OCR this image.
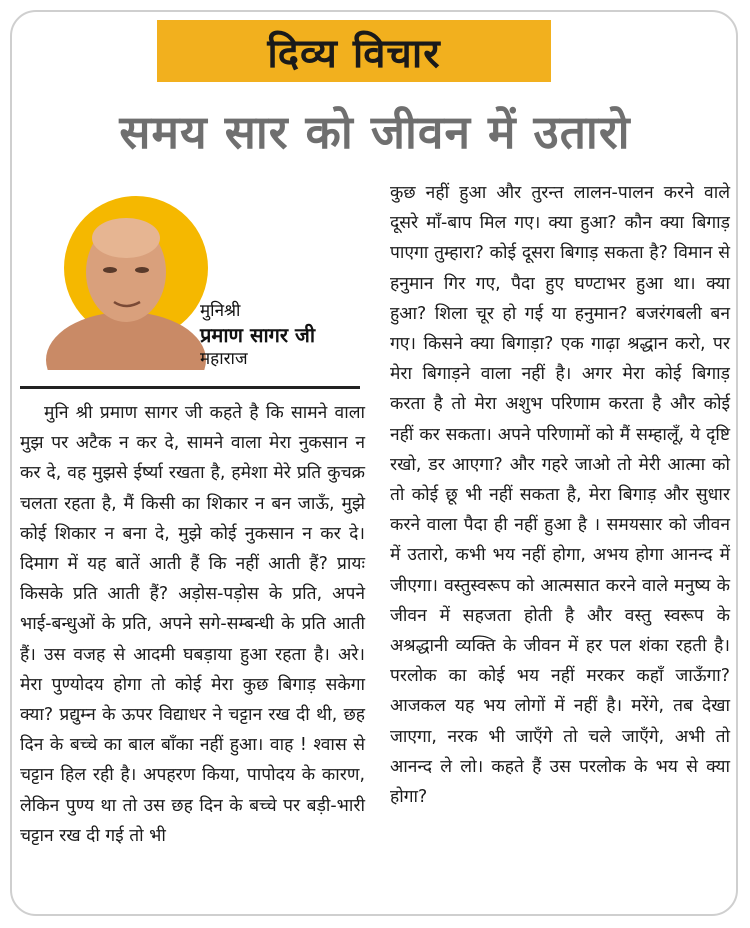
दिव्य विचार
समय सार को जीवन में उतारो
मुनिश्री
प्रमाण सागर जी
महाराज
मुनि श्री प्रमाण सागर जी कहते है कि सामने वाला मुझ पर अटैक न कर दे, सामने वाला मेरा नुकसान न कर दे, वह मुझसे ईर्ष्या रखता है, हमेशा मेरे प्रति कुचक्र चलता रहता है, मैं किसी का शिकार न बन जाऊँ, मुझे कोई शिकार न बना दे, मुझे कोई नुकसान न कर दे। दिमाग में यह बातें आती हैं कि नहीं आती हैं? प्रायः किसके प्रति आती हैं? अड़ोस-पड़ोस के प्रति, अपने भाई-बन्धुओं के प्रति, अपने सगे-सम्बन्धी के प्रति आती हैं। उस वजह से आदमी घबड़ाया हुआ रहता है। अरे। मेरा पुण्योदय होगा तो कोई मेरा कुछ बिगाड़ सकेगा क्या? प्रद्युम्न के ऊपर विद्याधर ने चट्टान रख दी थी, छह दिन के बच्चे का बाल बाँका नहीं हुआ। वाह ! श्वास से चट्टान हिल रही है। अपहरण किया, पापोदय के कारण, लेकिन पुण्य था तो उस छह दिन के बच्चे पर बड़ी-भारी चट्टान रख दी गई तो भी
कुछ नहीं हुआ और तुरन्त लालन-पालन करने वाले दूसरे माँ-बाप मिल गए। क्या हुआ? कौन क्या बिगाड़ पाएगा तुम्हारा? कोई दूसरा बिगाड़ सकता है? विमान से हनुमान गिर गए, पैदा हुए घण्टाभर हुआ था। क्या हुआ? शिला चूर हो गई या हनुमान? बजरंगबली बन गए। किसने क्या बिगाड़ा? एक गाढ़ा श्रद्धान करो, पर मेरा बिगाड़ने वाला नहीं है। अगर मेरा कोई बिगाड़ करता है तो मेरा अशुभ परिणाम करता है और कोई नहीं कर सकता। अपने परिणामों को मैं सम्हालूँ, ये दृष्टि रखो, डर आएगा? और गहरे जाओ तो मेरी आत्मा को तो कोई छू भी नहीं सकता है, मेरा बिगाड़ और सुधार करने वाला पैदा ही नहीं हुआ है । समयसार को जीवन में उतारो, कभी भय नहीं होगा, अभय होगा आनन्द में जीएगा। वस्तुस्वरूप को आत्मसात करने वाले मनुष्य के जीवन में सहजता होती है और वस्तु स्वरूप के अश्रद्धानी व्यक्ति के जीवन में हर पल शंका रहती है। परलोक का कोई भय नहीं मरकर कहाँ जाऊँगा? आजकल यह भय लोगों में नहीं है। मरेंगे, तब देखा जाएगा, नरक भी जाएँगे तो चले जाएँगे, अभी तो आनन्द ले लो। कहते हैं उस परलोक के भय से क्या होगा?
